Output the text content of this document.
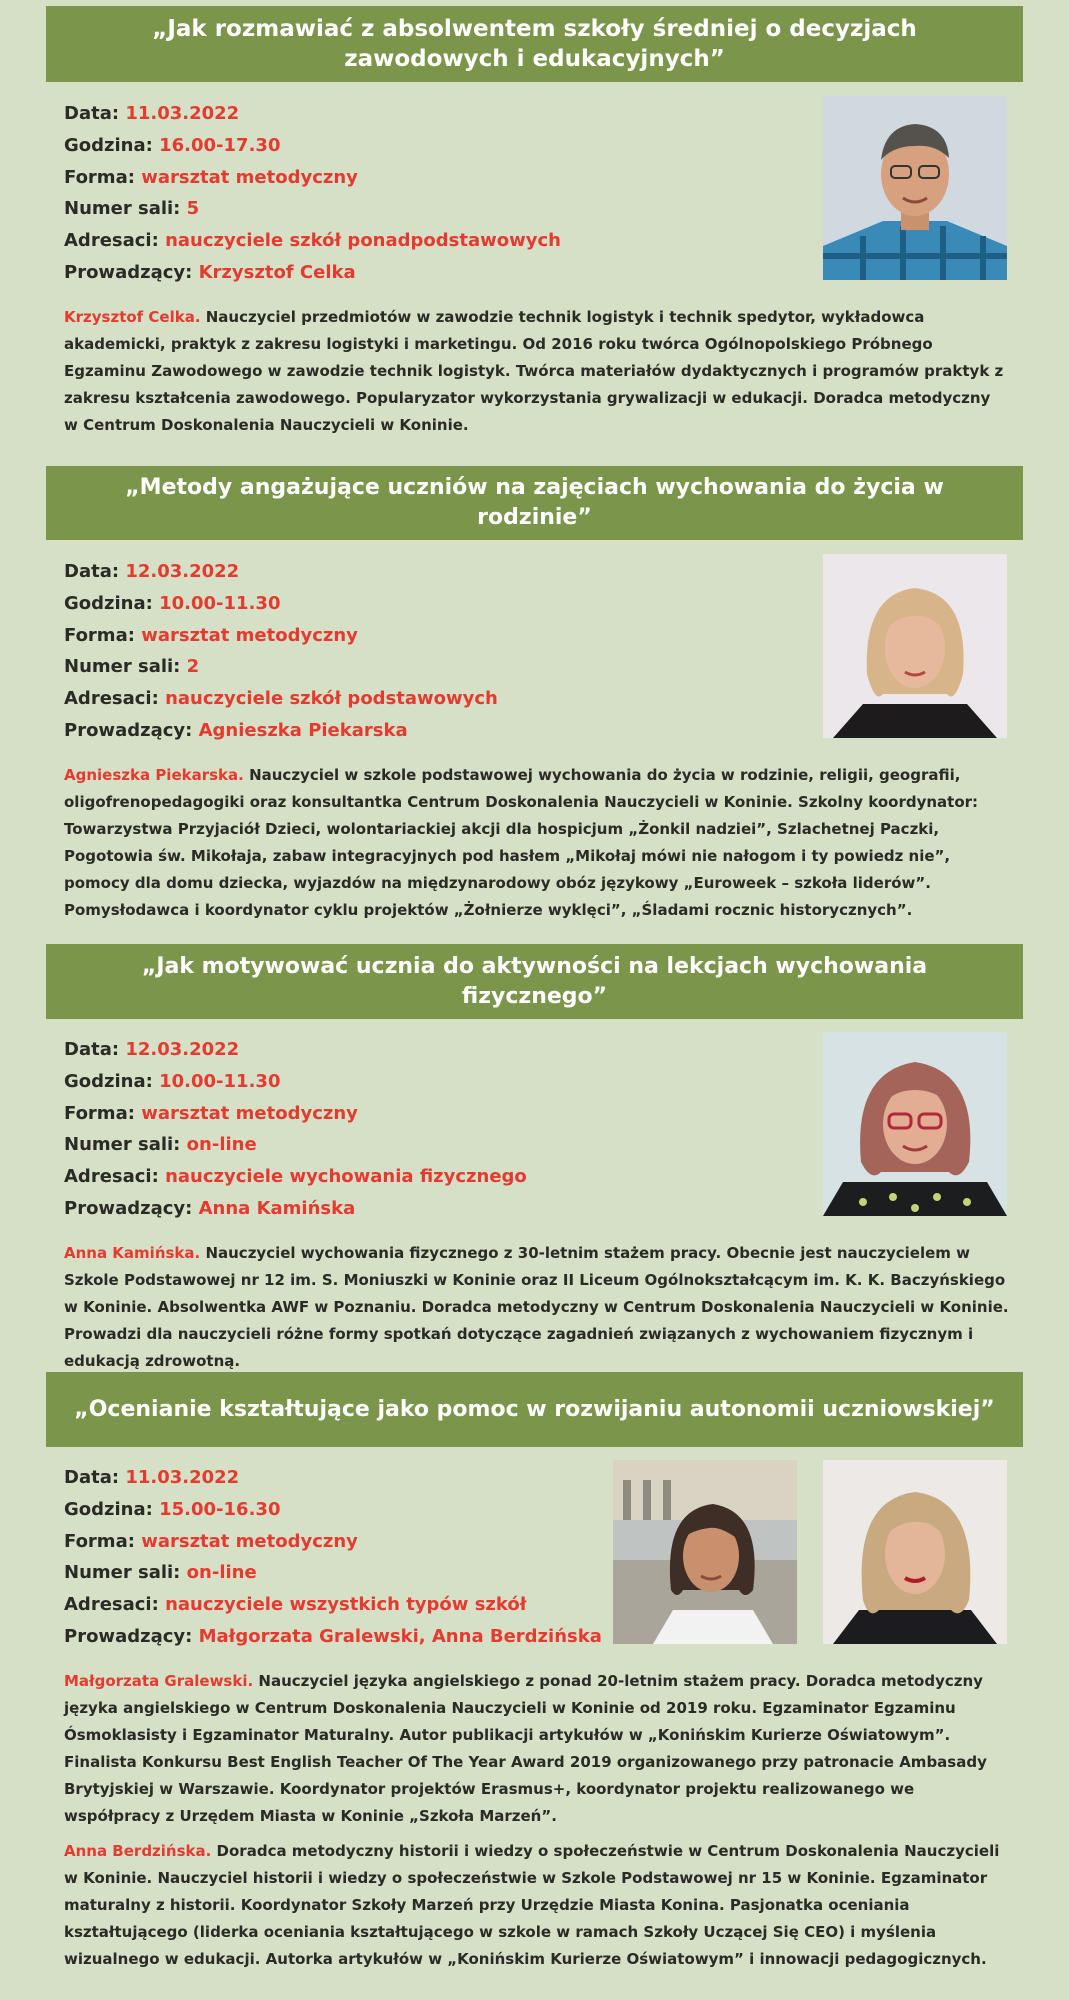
„Jak rozmawiać z absolwentem szkoły średniej o decyzjach
zawodowych i edukacyjnych”
Data: 11.03.2022
Godzina: 16.00-17.30
Forma: warsztat metodyczny
Numer sali: 5
Adresaci: nauczyciele szkół ponadpodstawowych
Prowadzący: Krzysztof Celka
Krzysztof Celka. Nauczyciel przedmiotów w zawodzie technik logistyk i technik spedytor, wykładowca akademicki, praktyk z zakresu logistyki i marketingu. Od 2016 roku twórca Ogólnopolskiego Próbnego Egzaminu Zawodowego w zawodzie technik logistyk. Twórca materiałów dydaktycznych i programów praktyk z zakresu kształcenia zawodowego. Popularyzator wykorzystania grywalizacji w edukacji. Doradca metodyczny w Centrum Doskonalenia Nauczycieli w Koninie.
„Metody angażujące uczniów na zajęciach wychowania do życia w rodzinie”
Data: 12.03.2022
Godzina: 10.00-11.30
Forma: warsztat metodyczny
Numer sali: 2
Adresaci: nauczyciele szkół podstawowych
Prowadzący: Agnieszka Piekarska
Agnieszka Piekarska. Nauczyciel w szkole podstawowej wychowania do życia w rodzinie, religii, geografii, oligofrenopedagogiki oraz konsultantka Centrum Doskonalenia Nauczycieli w Koninie. Szkolny koordynator: Towarzystwa Przyjaciół Dzieci, wolontariackiej akcji dla hospicjum „Żonkil nadziei”, Szlachetnej Paczki, Pogotowia św. Mikołaja, zabaw integracyjnych pod hasłem „Mikołaj mówi nie nałogom i ty powiedz nie”, pomocy dla domu dziecka, wyjazdów na międzynarodowy obóz językowy „Euroweek – szkoła liderów”. Pomysłodawca i koordynator cyklu projektów „Żołnierze wyklęci”, „Śladami rocznic historycznych”.
„Jak motywować ucznia do aktywności na lekcjach wychowania fizycznego”
Data: 12.03.2022
Godzina: 10.00-11.30
Forma: warsztat metodyczny
Numer sali: on-line
Adresaci: nauczyciele wychowania fizycznego
Prowadzący: Anna Kamińska
Anna Kamińska. Nauczyciel wychowania fizycznego z 30-letnim stażem pracy. Obecnie jest nauczycielem w Szkole Podstawowej nr 12 im. S. Moniuszki w Koninie oraz II Liceum Ogólnokształcącym im. K. K. Baczyńskiego w Koninie. Absolwentka AWF w Poznaniu. Doradca metodyczny w Centrum Doskonalenia Nauczycieli w Koninie. Prowadzi dla nauczycieli różne formy spotkań dotyczące zagadnień związanych z wychowaniem fizycznym i edukacją zdrowotną.
„Ocenianie kształtujące jako pomoc w rozwijaniu autonomii uczniowskiej”
Data: 11.03.2022
Godzina: 15.00-16.30
Forma: warsztat metodyczny
Numer sali: on-line
Adresaci: nauczyciele wszystkich typów szkół
Prowadzący: Małgorzata Gralewski, Anna Berdzińska
Małgorzata Gralewski. Nauczyciel języka angielskiego z ponad 20-letnim stażem pracy. Doradca metodyczny języka angielskiego w Centrum Doskonalenia Nauczycieli w Koninie od 2019 roku. Egzaminator Egzaminu Ósmoklasisty i Egzaminator Maturalny. Autor publikacji artykułów w „Konińskim Kurierze Oświatowym”. Finalista Konkursu Best English Teacher Of The Year Award 2019 organizowanego przy patronacie Ambasady Brytyjskiej w Warszawie. Koordynator projektów Erasmus+, koordynator projektu realizowanego we współpracy z Urzędem Miasta w Koninie „Szkoła Marzeń”.
Anna Berdzińska. Doradca metodyczny historii i wiedzy o społeczeństwie w Centrum Doskonalenia Nauczycieli w Koninie. Nauczyciel historii i wiedzy o społeczeństwie w Szkole Podstawowej nr 15 w Koninie. Egzaminator maturalny z historii. Koordynator Szkoły Marzeń przy Urzędzie Miasta Konina. Pasjonatka oceniania kształtującego (liderka oceniania kształtującego w szkole w ramach Szkoły Uczącej Się CEO) i myślenia wizualnego w edukacji. Autorka artykułów w „Konińskim Kurierze Oświatowym” i innowacji pedagogicznych.
